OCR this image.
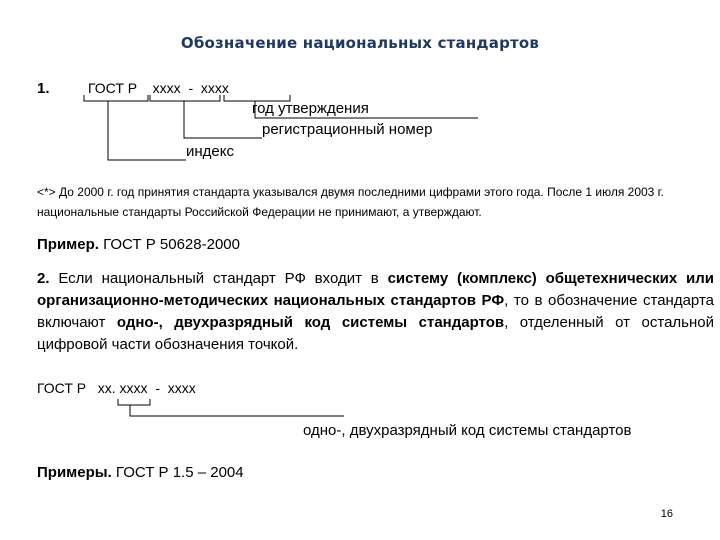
Обозначение национальных стандартов
1.	ГОСТ Р    хххх  -  хххх
год утверждения
регистрационный номер
индекс
<*> До 2000 г. год принятия стандарта указывался двумя последними цифрами этого года. После 1 июля 2003 г. национальные стандарты Российской Федерации не принимают, а утверждают.
Пример. ГОСТ Р 50628-2000
2. Если национальный стандарт РФ входит в систему (комплекс) общетехнических или организационно-методических национальных стандартов РФ, то в обозначение стандарта включают одно-, двухразрядный код системы стандартов, отделенный от остальной цифровой части обозначения точкой.
ГОСТ Р   хх. хххх  -  хххх
одно-, двухразрядный код системы стандартов
Примеры. ГОСТ Р 1.5 – 2004
16
